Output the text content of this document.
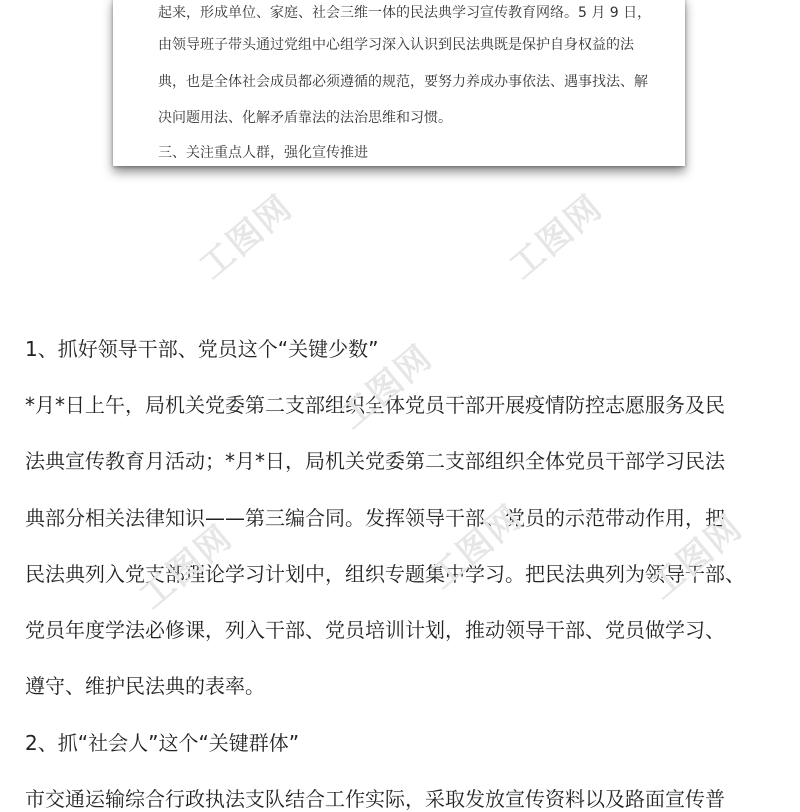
起来，形成单位、家庭、社会三维一体的民法典学习宣传教育网络。5 月 9 日，
由领导班子带头通过党组中心组学习深入认识到民法典既是保护自身权益的法
典，也是全体社会成员都必须遵循的规范，要努力养成办事依法、遇事找法、解
决问题用法、化解矛盾靠法的法治思维和习惯。
三、关注重点人群，强化宣传推进
1、抓好领导干部、党员这个“关键少数”
*月*日上午，局机关党委第二支部组织全体党员干部开展疫情防控志愿服务及民
法典宣传教育月活动；*月*日，局机关党委第二支部组织全体党员干部学习民法
典部分相关法律知识——第三编合同。发挥领导干部、党员的示范带动作用，把
民法典列入党支部理论学习计划中，组织专题集中学习。把民法典列为领导干部、
党员年度学法必修课，列入干部、党员培训计划，推动领导干部、党员做学习、
遵守、维护民法典的表率。
2、抓“社会人”这个“关键群体”
市交通运输综合行政执法支队结合工作实际，采取发放宣传资料以及路面宣传普
工图网	工图网
工图网
工图网	工图网	工图网
